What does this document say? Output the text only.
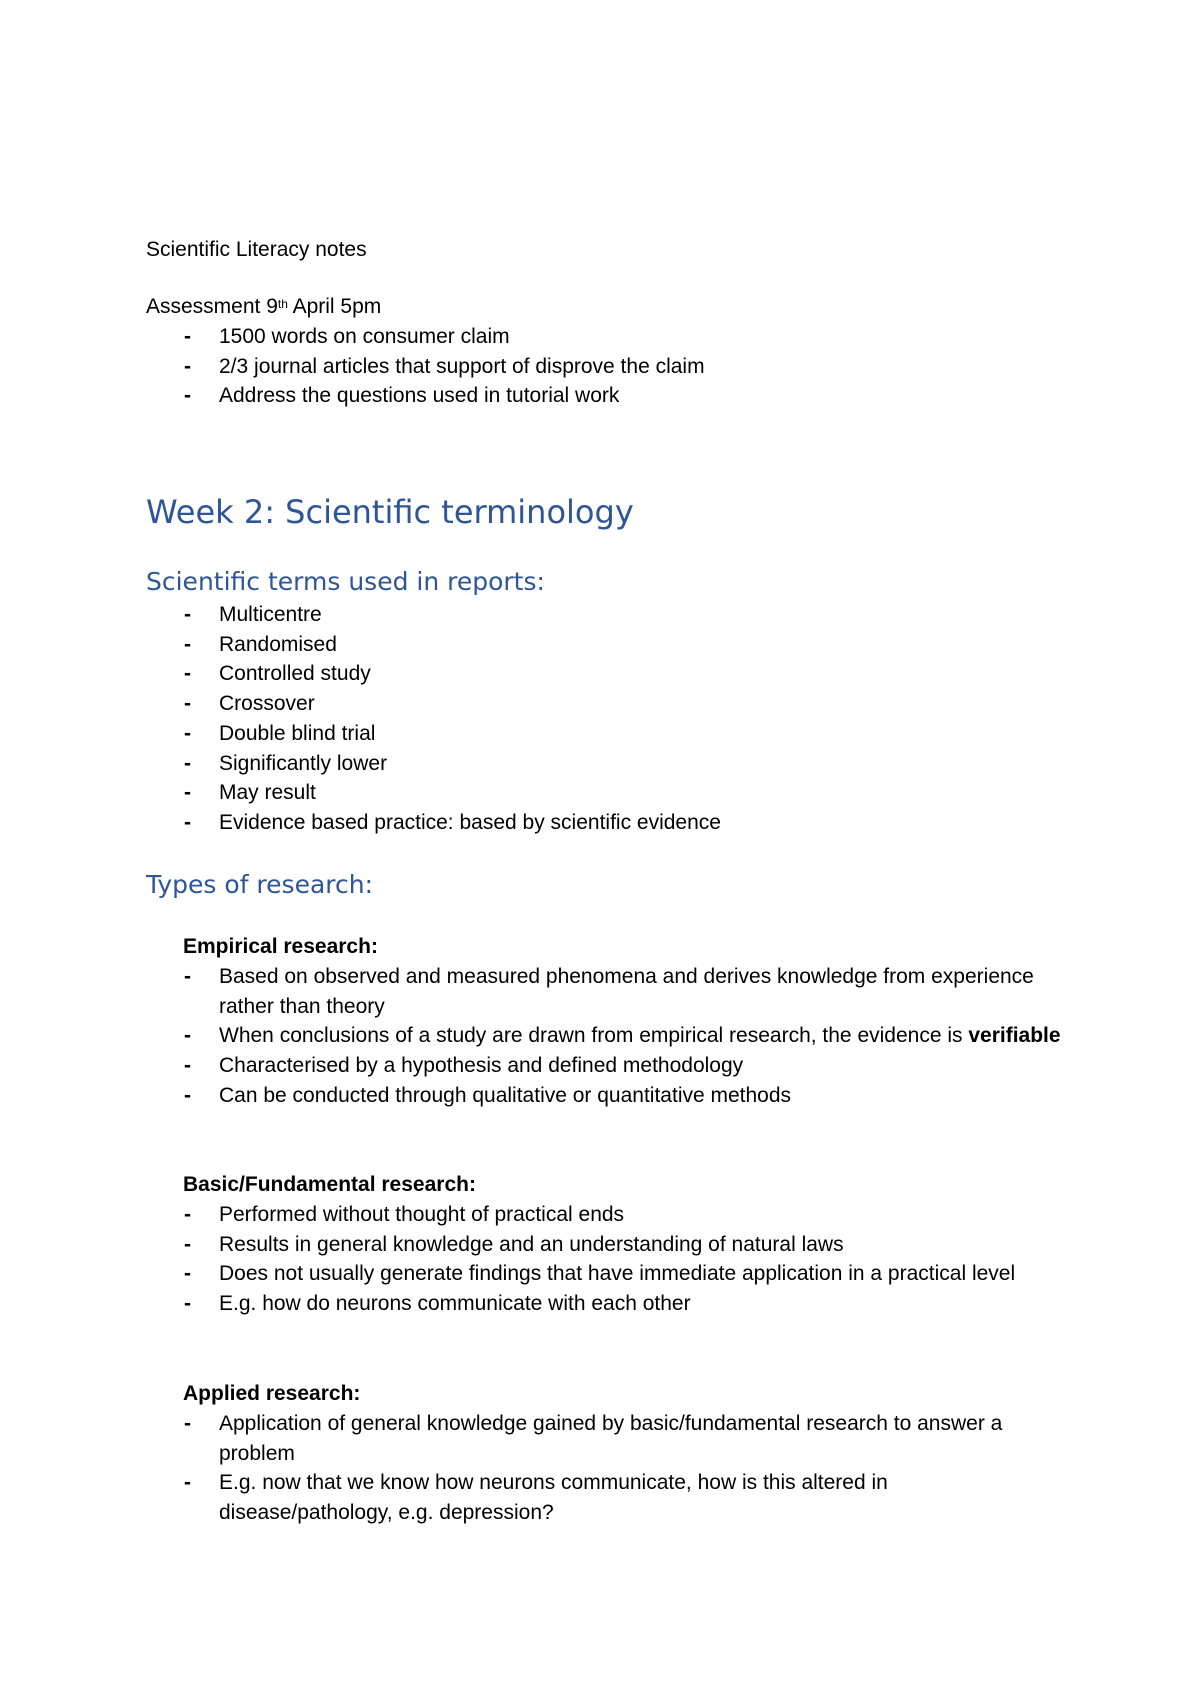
Scientific Literacy notes
Assessment 9th April 5pm
- 1500 words on consumer claim
- 2/3 journal articles that support of disprove the claim
- Address the questions used in tutorial work
Week 2: Scientific terminology
Scientific terms used in reports:
- Multicentre
- Randomised
- Controlled study
- Crossover
- Double blind trial
- Significantly lower
- May result
- Evidence based practice: based by scientific evidence
Types of research:
Empirical research:
- Based on observed and measured phenomena and derives knowledge from experience rather than theory
- When conclusions of a study are drawn from empirical research, the evidence is verifiable
- Characterised by a hypothesis and defined methodology
- Can be conducted through qualitative or quantitative methods
Basic/Fundamental research:
- Performed without thought of practical ends
- Results in general knowledge and an understanding of natural laws
- Does not usually generate findings that have immediate application in a practical level
- E.g. how do neurons communicate with each other
Applied research:
- Application of general knowledge gained by basic/fundamental research to answer a problem
- E.g. now that we know how neurons communicate, how is this altered in disease/pathology, e.g. depression?
